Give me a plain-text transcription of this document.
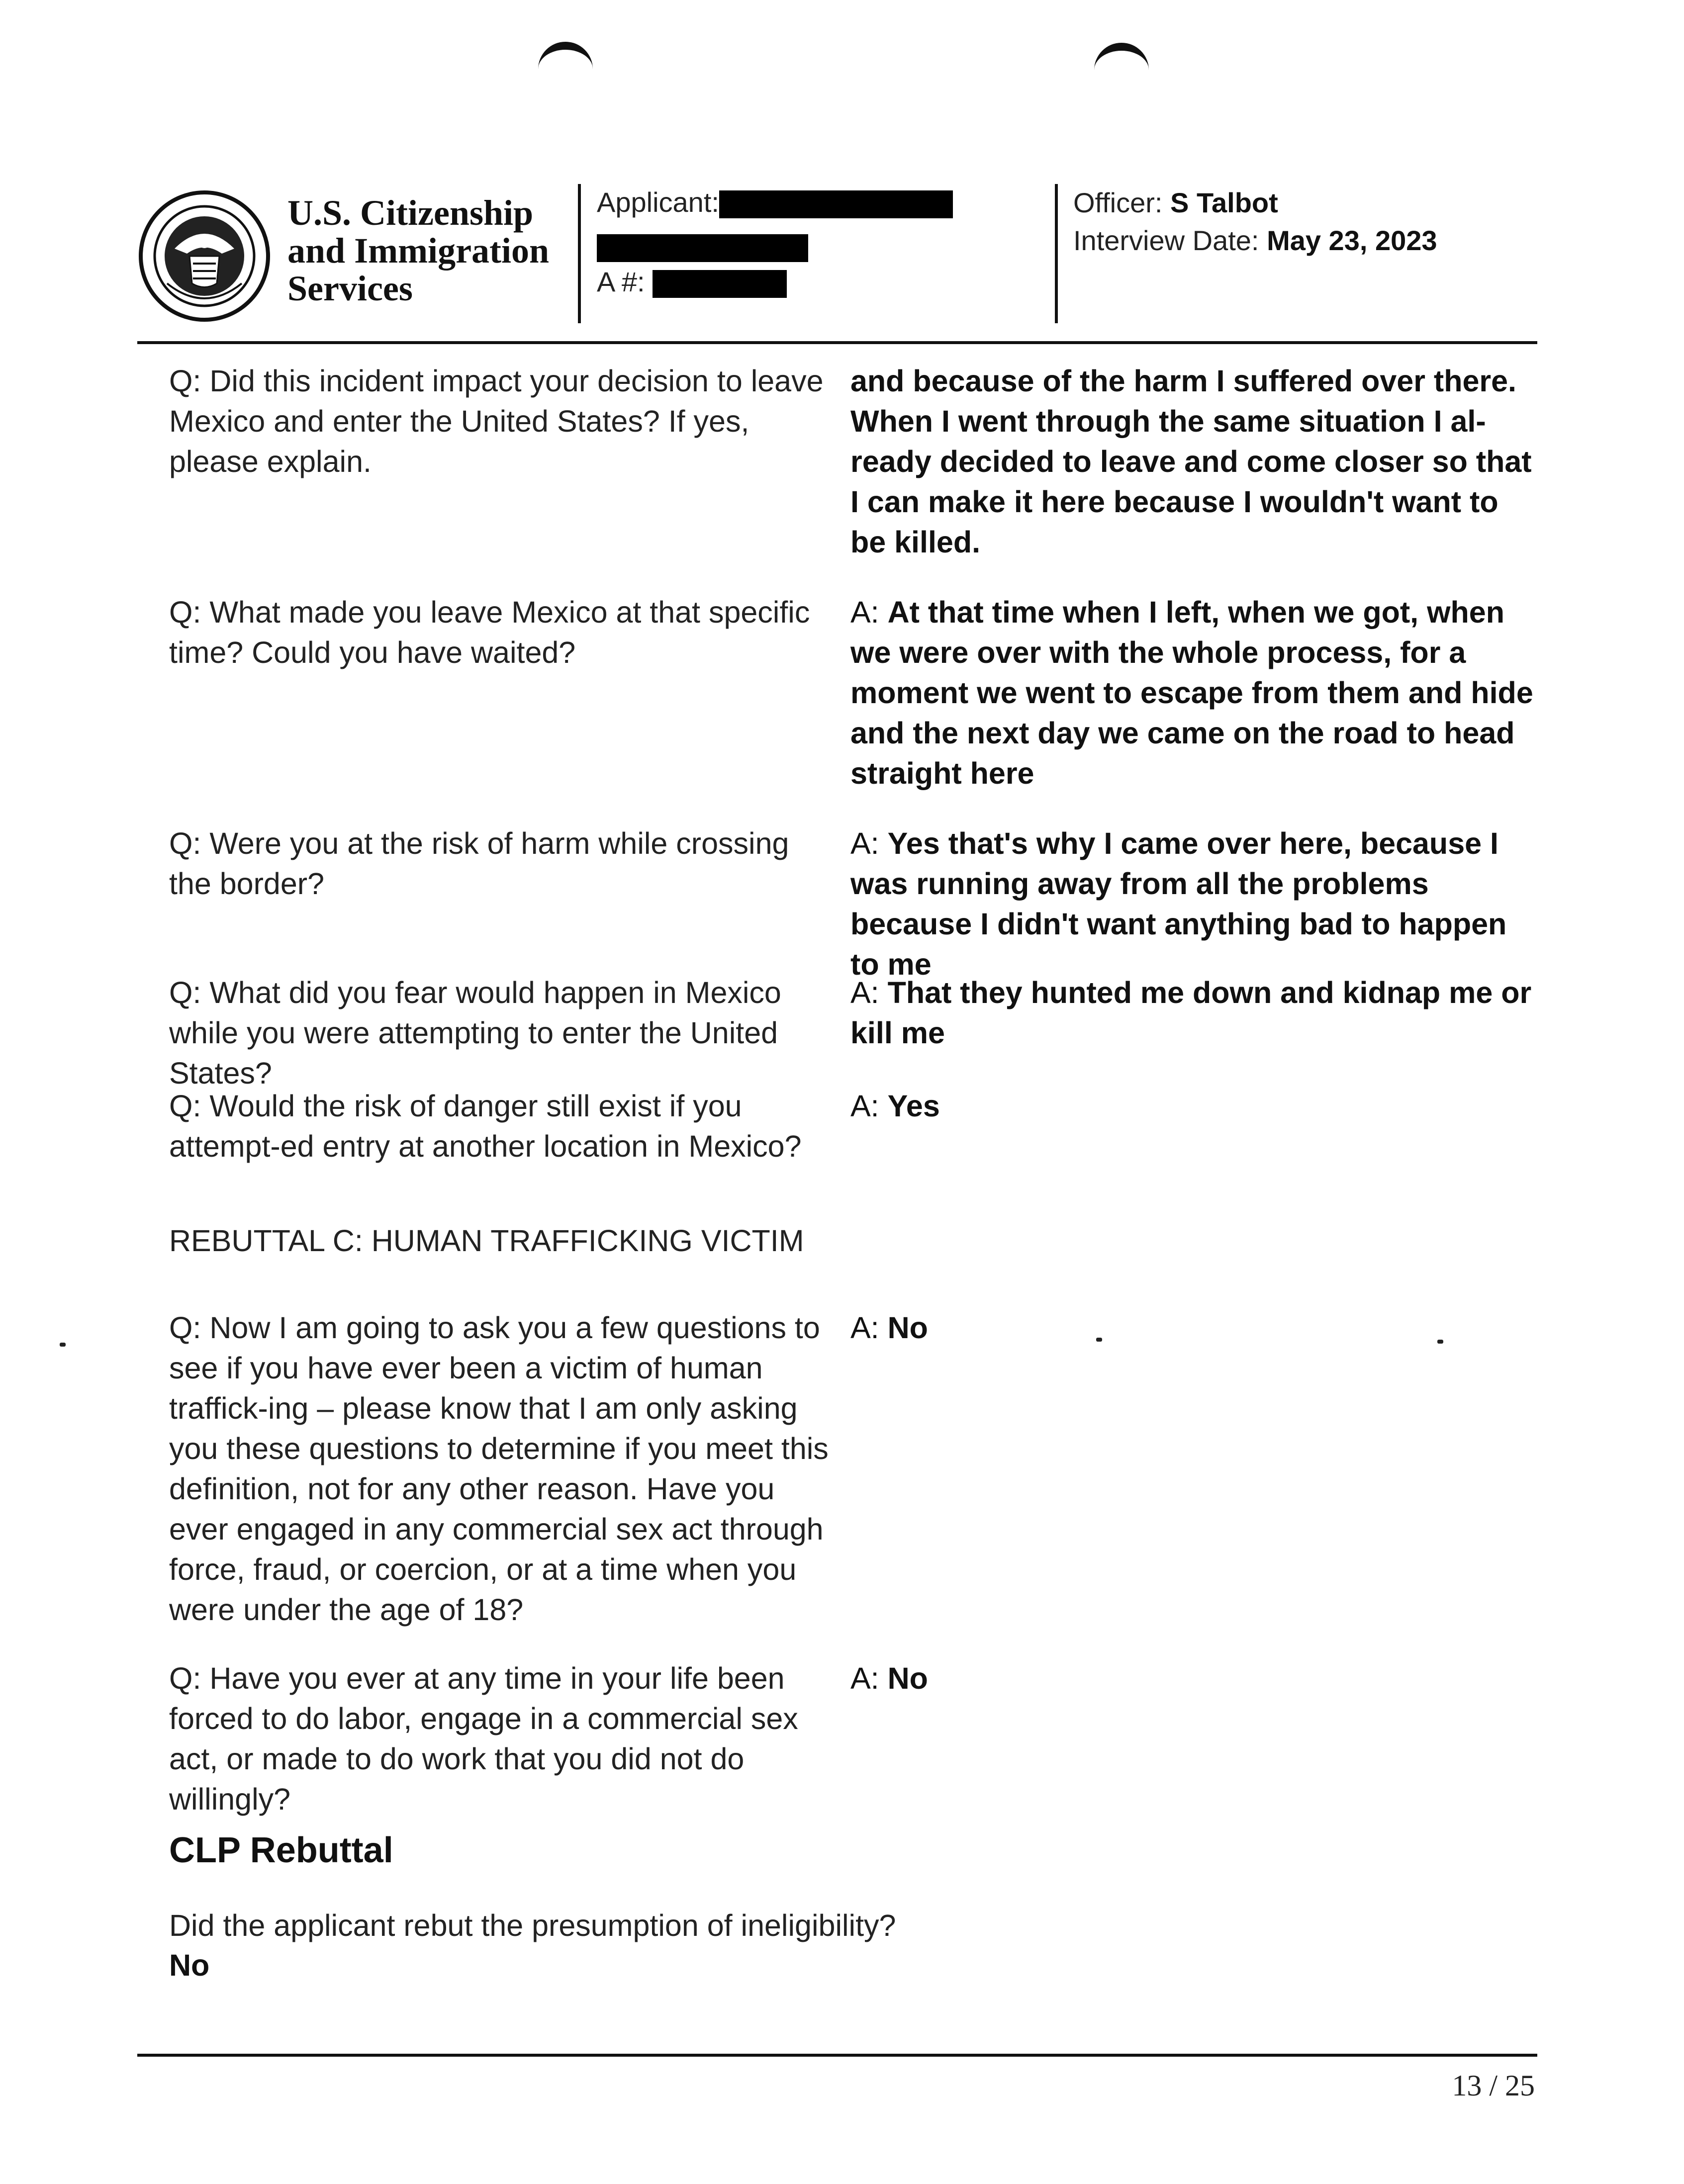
U.S. Citizenship
and Immigration
Services
Applicant:
A #:
Officer: S Talbot
Interview Date: May 23, 2023
Q: Did this incident impact your decision to leave Mexico and enter the United States? If yes, please explain.
and because of the harm I suffered over there. When I went through the same situation I al-ready decided to leave and come closer so that I can make it here because I wouldn't want to be killed.
Q: What made you leave Mexico at that specific time? Could you have waited?
A: At that time when I left, when we got, when we were over with the whole process, for a moment we went to escape from them and hide and the next day we came on the road to head straight here
Q: Were you at the risk of harm while crossing the border?
A: Yes that's why I came over here, because I was running away from all the problems because I didn't want anything bad to happen to me
Q: What did you fear would happen in Mexico while you were attempting to enter the United States?
A: That they hunted me down and kidnap me or kill me
Q: Would the risk of danger still exist if you attempt-ed entry at another location in Mexico?
A: Yes
REBUTTAL C: HUMAN TRAFFICKING VICTIM
Q: Now I am going to ask you a few questions to see if you have ever been a victim of human traffick-ing – please know that I am only asking you these questions to determine if you meet this definition, not for any other reason. Have you ever engaged in any commercial sex act through force, fraud, or coercion, or at a time when you were under the age of 18?
A: No
Q: Have you ever at any time in your life been forced to do labor, engage in a commercial sex act, or made to do work that you did not do willingly?
A: No
CLP Rebuttal
Did the applicant rebut the presumption of ineligibility?
No
13 / 25
